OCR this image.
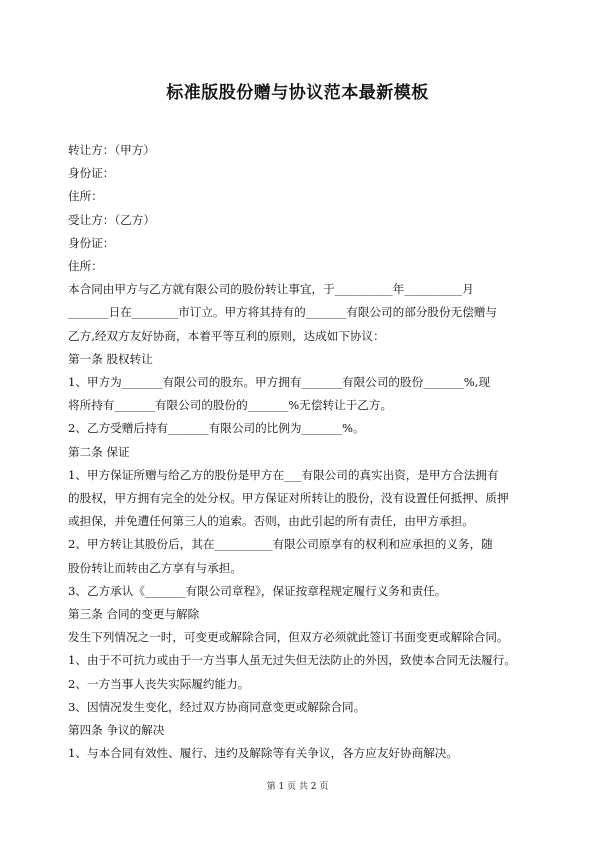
标准版股份赠与协议范本最新模板

转让方：（甲方）

身份证：

住所：

受让方：（乙方）

身份证：

住所：

本合同由甲方与乙方就有限公司的股份转让事宜，于__________年__________月

_______日在________市订立。甲方将其持有的_______有限公司的部分股份无偿赠与

乙方,经双方友好协商，本着平等互利的原则，达成如下协议：

第一条 股权转让

1、甲方为_______有限公司的股东。甲方拥有_______有限公司的股份_______%,现

将所持有_______有限公司的股份的_______%无偿转让于乙方。

2、乙方受赠后持有_______有限公司的比例为_______%。

第二条 保证

1、甲方保证所赠与给乙方的股份是甲方在___有限公司的真实出资，是甲方合法拥有

的股权，甲方拥有完全的处分权。甲方保证对所转让的股份，没有设置任何抵押、质押

或担保，并免遭任何第三人的追索。否则，由此引起的所有责任，由甲方承担。

2、甲方转让其股份后，其在__________有限公司原享有的权利和应承担的义务，随

股份转让而转由乙方享有与承担。

3、乙方承认《_______有限公司章程》，保证按章程规定履行义务和责任。

第三条 合同的变更与解除

发生下列情况之一时，可变更或解除合同，但双方必须就此签订书面变更或解除合同。

1、由于不可抗力或由于一方当事人虽无过失但无法防止的外因，致使本合同无法履行。

2、一方当事人丧失实际履约能力。

3、因情况发生变化，经过双方协商同意变更或解除合同。

第四条 争议的解决

1、与本合同有效性、履行、违约及解除等有关争议，各方应友好协商解决。

第 1 页 共 2 页
